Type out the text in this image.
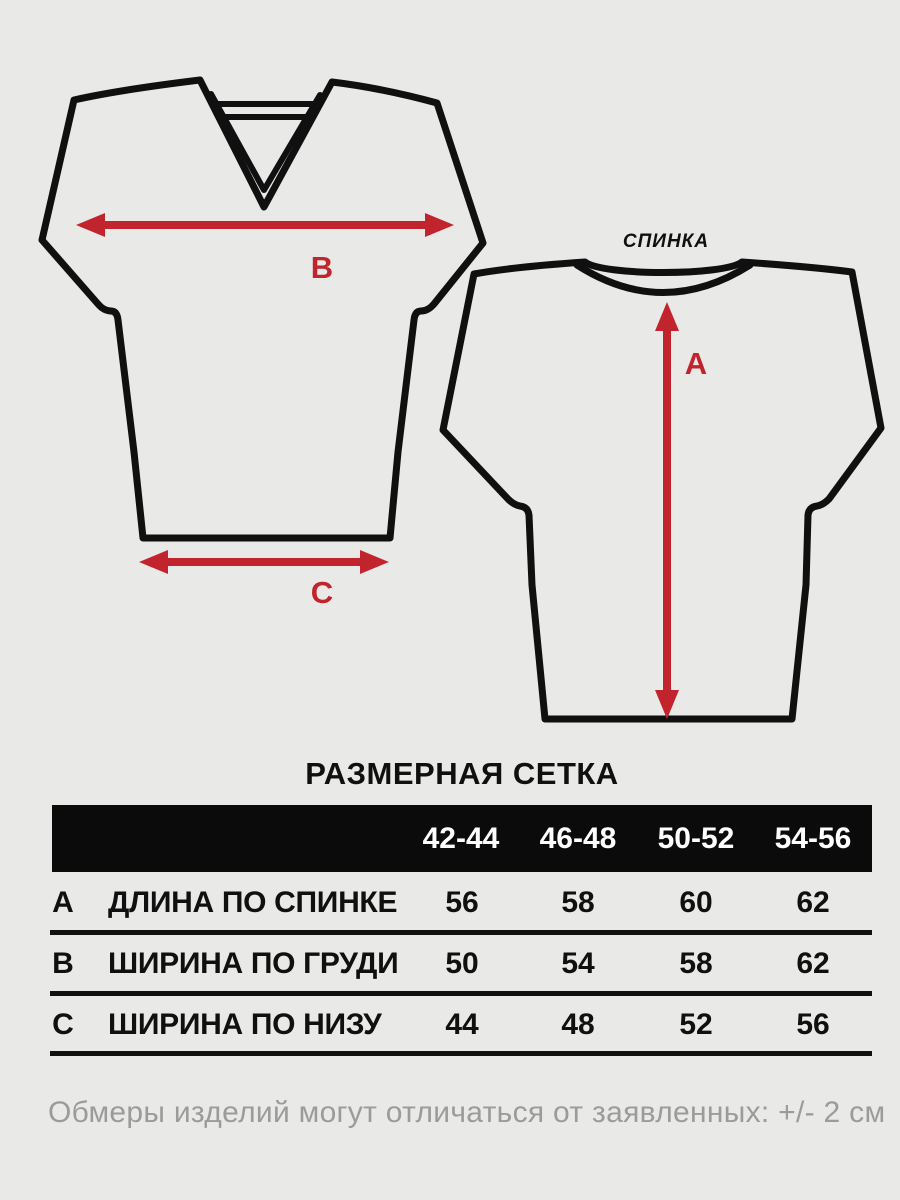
B
C
СПИНКА
A
РАЗМЕРНАЯ СЕТКА
42-44	46-48	50-52	54-56
A ДЛИНА ПО СПИНКЕ	56	58	60	62
B ШИРИНА ПО ГРУДИ	50	54	58	62
C ШИРИНА ПО НИЗУ	44	48	52	56
Обмеры изделий могут отличаться от заявленных: +/- 2 см
